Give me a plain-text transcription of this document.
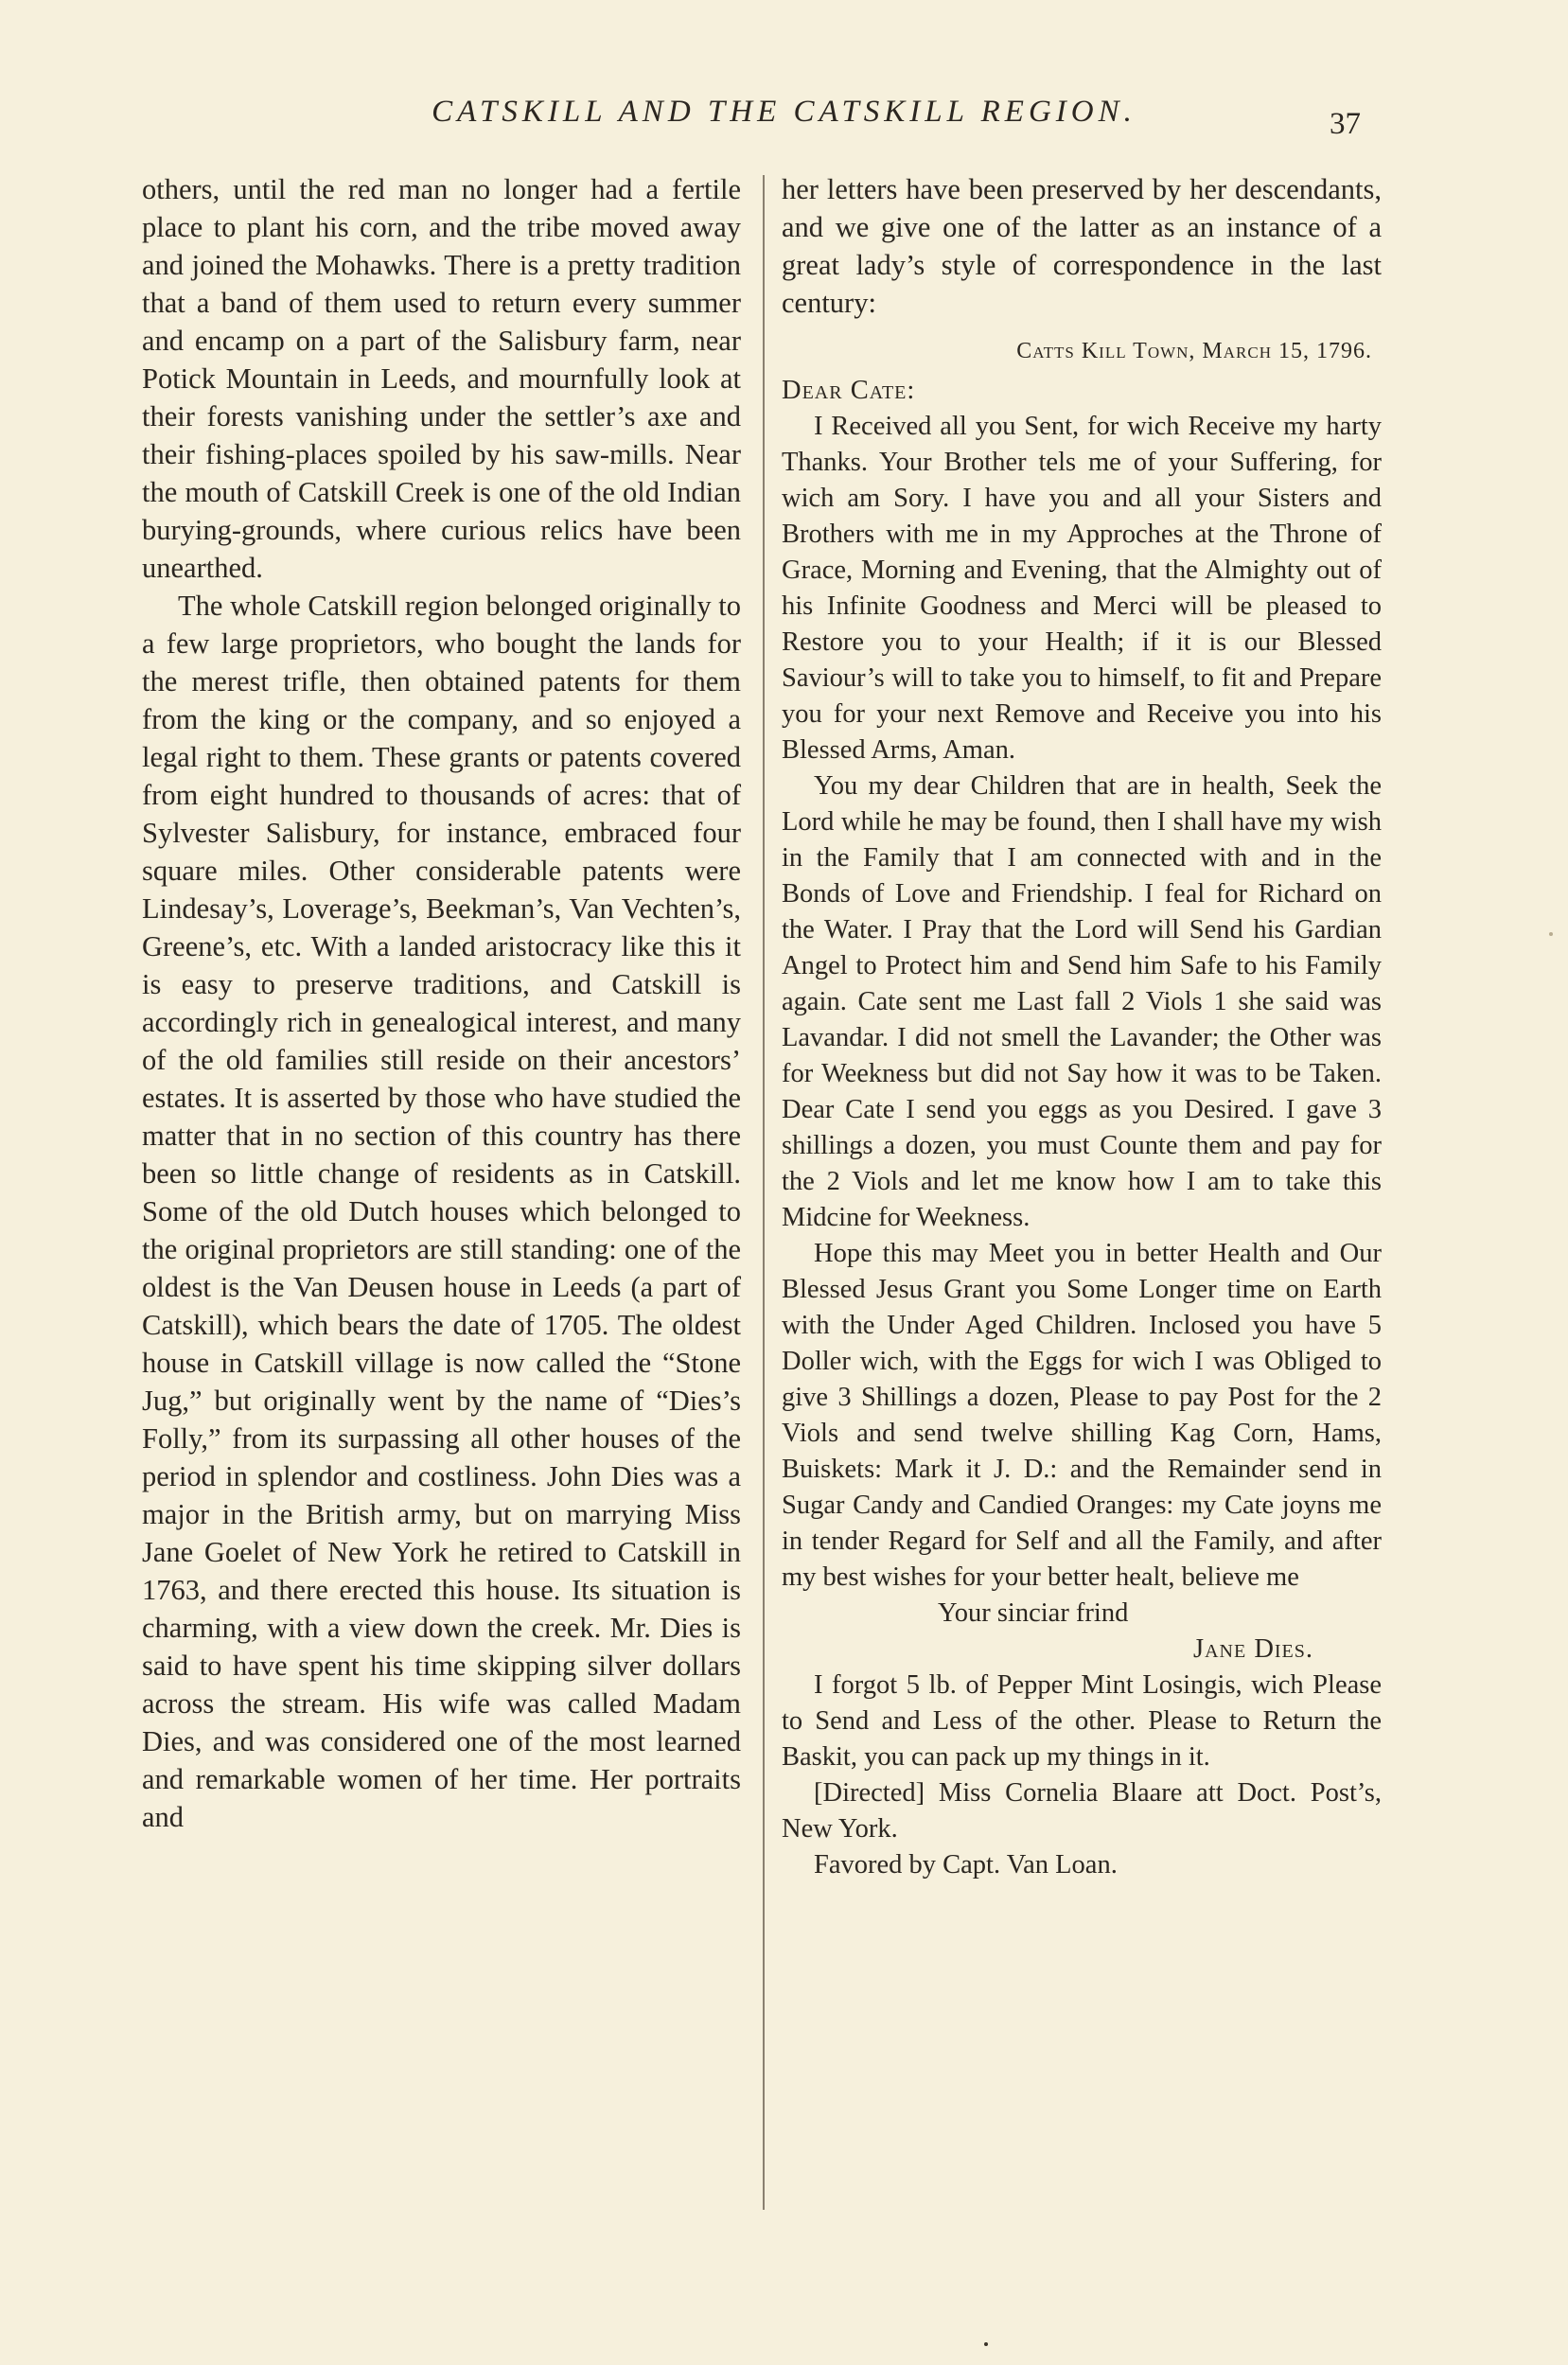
CATSKILL AND THE CATSKILL REGION.	37

others, until the red man no longer had a fertile place to plant his corn, and the tribe moved away and joined the Mohawks. There is a pretty tradition that a band of them used to return every summer and encamp on a part of the Salisbury farm, near Potick Mountain in Leeds, and mournfully look at their forests vanishing under the settler’s axe and their fishing-places spoiled by his saw-mills. Near the mouth of Catskill Creek is one of the old Indian burying-grounds, where curious relics have been unearthed.

The whole Catskill region belonged originally to a few large proprietors, who bought the lands for the merest trifle, then obtained patents for them from the king or the company, and so enjoyed a legal right to them. These grants or patents covered from eight hundred to thousands of acres: that of Sylvester Salisbury, for instance, embraced four square miles. Other considerable patents were Lindesay’s, Loverage’s, Beekman’s, Van Vechten’s, Greene’s, etc. With a landed aristocracy like this it is easy to preserve traditions, and Catskill is accordingly rich in genealogical interest, and many of the old families still reside on their ancestors’ estates. It is asserted by those who have studied the matter that in no section of this country has there been so little change of residents as in Catskill. Some of the old Dutch houses which belonged to the original proprietors are still standing: one of the oldest is the Van Deusen house in Leeds (a part of Catskill), which bears the date of 1705. The oldest house in Catskill village is now called the “Stone Jug,” but originally went by the name of “Dies’s Folly,” from its surpassing all other houses of the period in splendor and costliness. John Dies was a major in the British army, but on marrying Miss Jane Goelet of New York he retired to Catskill in 1763, and there erected this house. Its situation is charming, with a view down the creek. Mr. Dies is said to have spent his time skipping silver dollars across the stream. His wife was called Madam Dies, and was considered one of the most learned and remarkable women of her time. Her portraits and

her letters have been preserved by her descendants, and we give one of the latter as an instance of a great lady’s style of correspondence in the last century:

Catts Kill Town, March 15, 1796.
Dear Cate:

I Received all you Sent, for wich Receive my harty Thanks. Your Brother tels me of your Suffering, for wich am Sory. I have you and all your Sisters and Brothers with me in my Approches at the Throne of Grace, Morning and Evening, that the Almighty out of his Infinite Goodness and Merci will be pleased to Restore you to your Health; if it is our Blessed Saviour’s will to take you to himself, to fit and Prepare you for your next Remove and Receive you into his Blessed Arms, Aman.

You my dear Children that are in health, Seek the Lord while he may be found, then I shall have my wish in the Family that I am connected with and in the Bonds of Love and Friendship. I feal for Richard on the Water. I Pray that the Lord will Send his Gardian Angel to Protect him and Send him Safe to his Family again. Cate sent me Last fall 2 Viols 1 she said was Lavandar. I did not smell the Lavander; the Other was for Weekness but did not Say how it was to be Taken. Dear Cate I send you eggs as you Desired. I gave 3 shillings a dozen, you must Counte them and pay for the 2 Viols and let me know how I am to take this Midcine for Weekness.

Hope this may Meet you in better Health and Our Blessed Jesus Grant you Some Longer time on Earth with the Under Aged Children. Inclosed you have 5 Doller wich, with the Eggs for wich I was Obliged to give 3 Shillings a dozen, Please to pay Post for the 2 Viols and send twelve shilling Kag Corn, Hams, Buiskets: Mark it J. D.: and the Remainder send in Sugar Candy and Candied Oranges: my Cate joyns me in tender Regard for Self and all the Family, and after my best wishes for your better healt, believe me

Your sinciar frind
Jane Dies.

I forgot 5 lb. of Pepper Mint Losingis, wich Please to Send and Less of the other. Please to Return the Baskit, you can pack up my things in it.

[Directed] Miss Cornelia Blaare att Doct. Post’s, New York.

Favored by Capt. Van Loan.
